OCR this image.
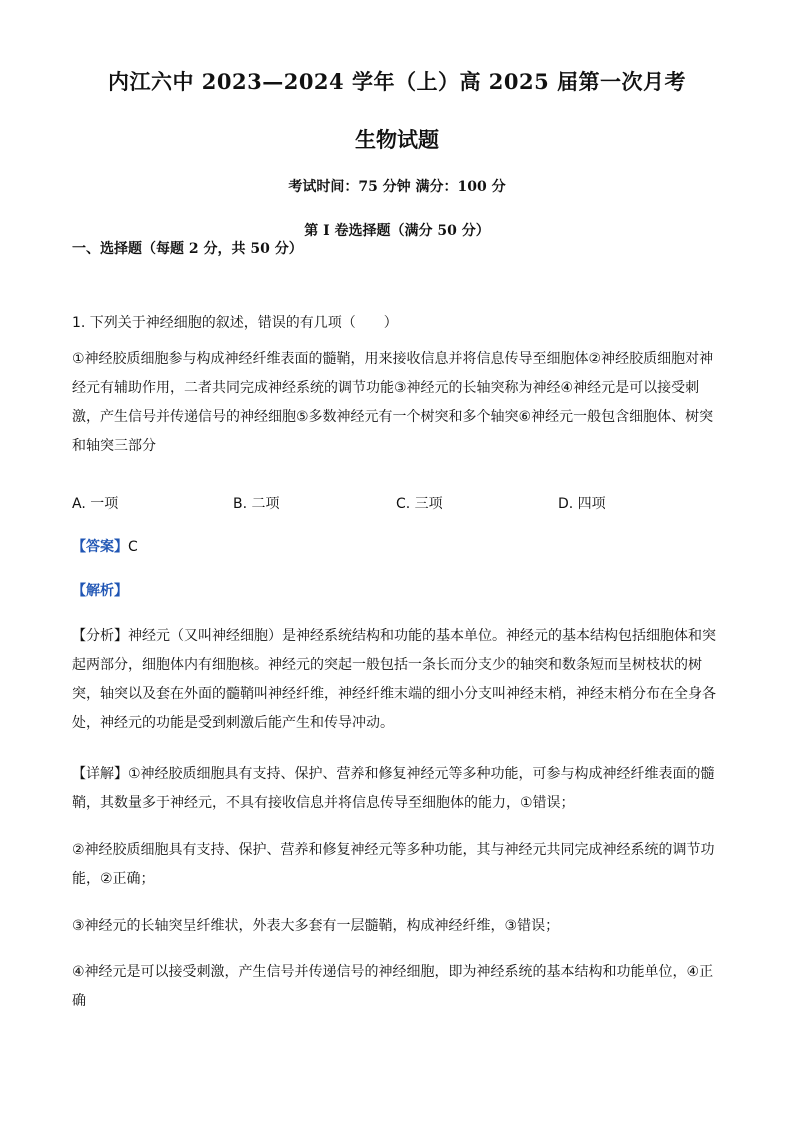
内江六中 2023—2024 学年（上）高 2025 届第一次月考
生物试题
考试时间：75 分钟 满分：100 分
第 I 卷选择题（满分 50 分）
一、选择题（每题 2 分，共 50 分）

1. 下列关于神经细胞的叙述，错误的有几项（　　）

①神经胶质细胞参与构成神经纤维表面的髓鞘，用来接收信息并将信息传导至细胞体②神经胶质细胞对神经元有辅助作用，二者共同完成神经系统的调节功能③神经元的长轴突称为神经④神经元是可以接受刺激，产生信号并传递信号的神经细胞⑤多数神经元有一个树突和多个轴突⑥神经元一般包含细胞体、树突和轴突三部分

A. 一项	B. 二项	C. 三项	D. 四项

【答案】C

【解析】

【分析】神经元（又叫神经细胞）是神经系统结构和功能的基本单位。神经元的基本结构包括细胞体和突起两部分，细胞体内有细胞核。神经元的突起一般包括一条长而分支少的轴突和数条短而呈树枝状的树突，轴突以及套在外面的髓鞘叫神经纤维，神经纤维末端的细小分支叫神经末梢，神经末梢分布在全身各处，神经元的功能是受到刺激后能产生和传导冲动。

【详解】①神经胶质细胞具有支持、保护、营养和修复神经元等多种功能，可参与构成神经纤维表面的髓鞘，其数量多于神经元，不具有接收信息并将信息传导至细胞体的能力，①错误；

②神经胶质细胞具有支持、保护、营养和修复神经元等多种功能，其与神经元共同完成神经系统的调节功能，②正确；

③神经元的长轴突呈纤维状，外表大多套有一层髓鞘，构成神经纤维，③错误；

④神经元是可以接受刺激，产生信号并传递信号的神经细胞，即为神经系统的基本结构和功能单位，④正确
